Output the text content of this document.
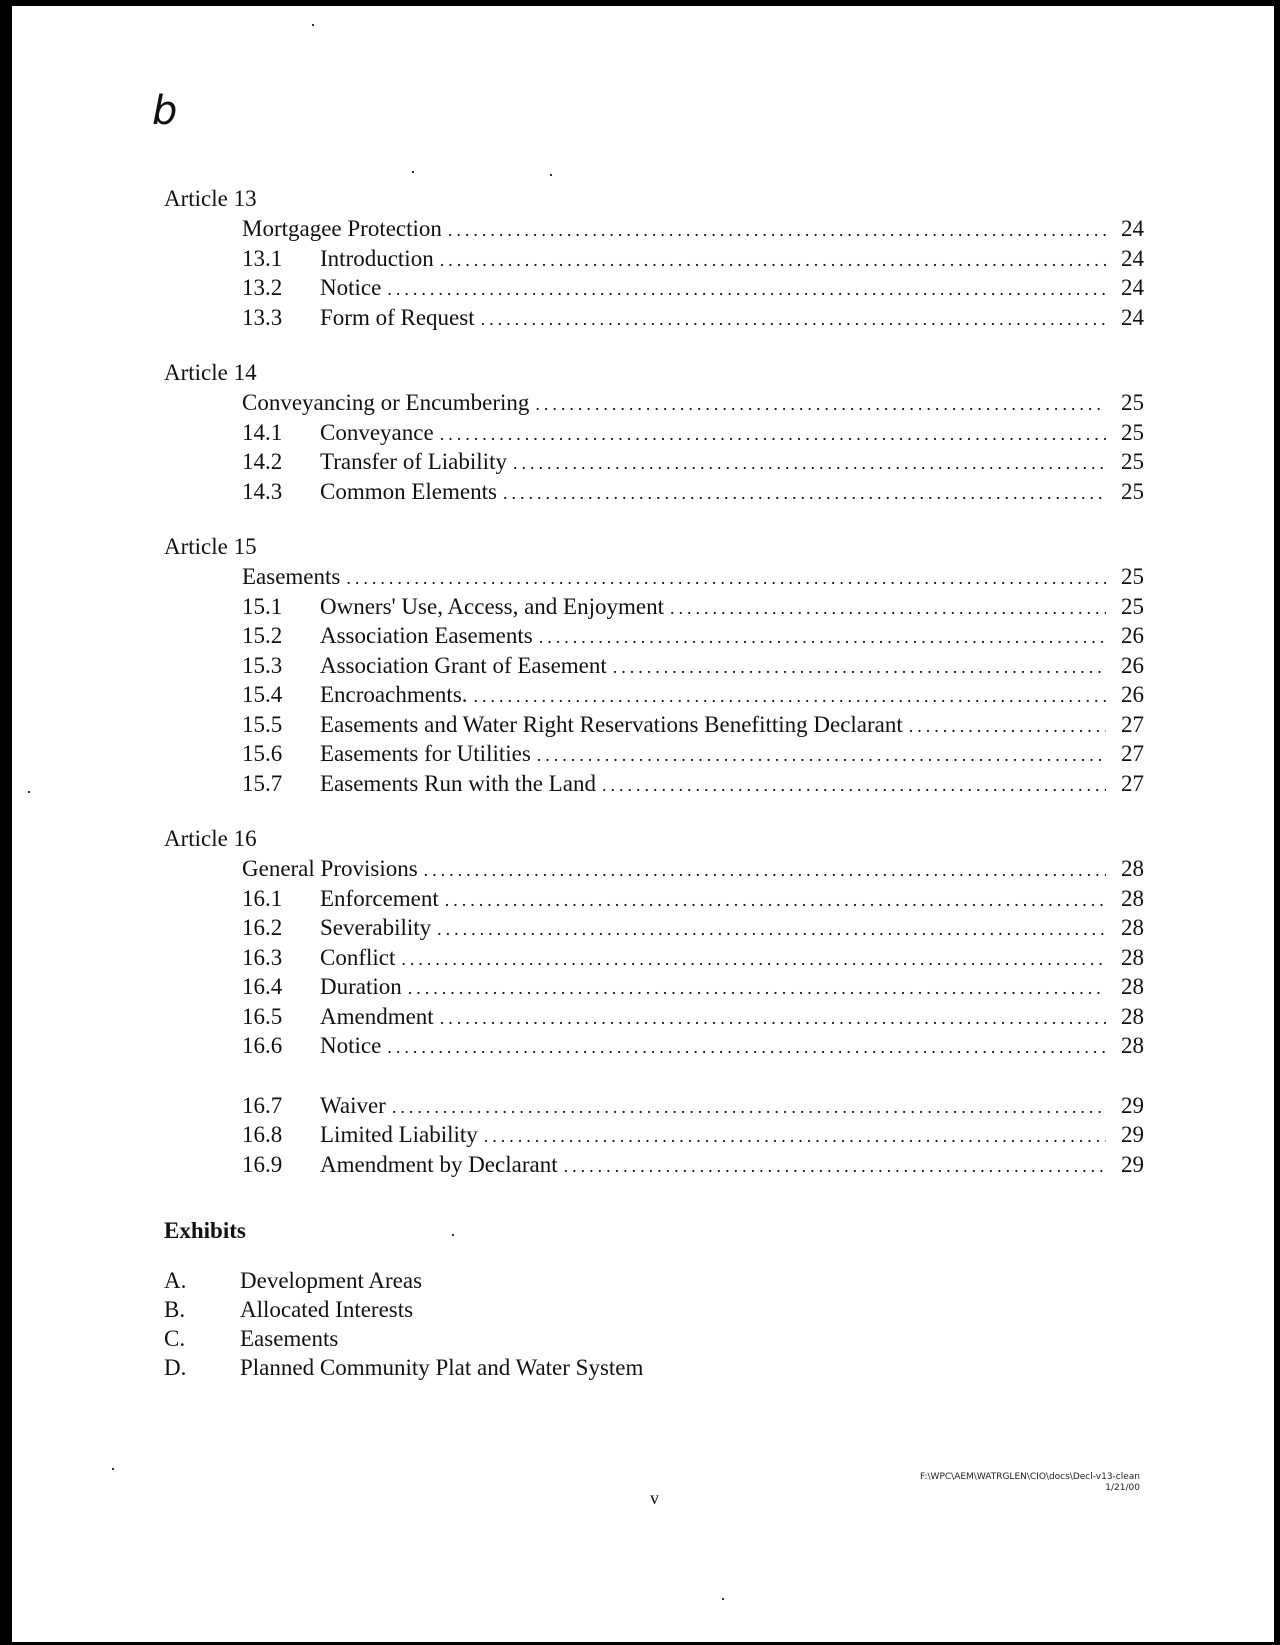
b
Article 13
Mortgagee Protection .....	24
13.1	Introduction .....	24
13.2	Notice .....	24
13.3	Form of Request .....	24
Article 14
Conveyancing or Encumbering .....	25
14.1	Conveyance .....	25
14.2	Transfer of Liability .....	25
14.3	Common Elements .....	25
Article 15
Easements .....	25
15.1	Owners' Use, Access, and Enjoyment .....	25
15.2	Association Easements .....	26
15.3	Association Grant of Easement .....	26
15.4	Encroachments. .....	26
15.5	Easements and Water Right Reservations Benefitting Declarant .....	27
15.6	Easements for Utilities .....	27
15.7	Easements Run with the Land .....	27
Article 16
General Provisions .....	28
16.1	Enforcement .....	28
16.2	Severability .....	28
16.3	Conflict .....	28
16.4	Duration .....	28
16.5	Amendment .....	28
16.6	Notice .....	28
16.7	Waiver .....	29
16.8	Limited Liability .....	29
16.9	Amendment by Declarant .....	29
Exhibits
A.	Development Areas
B.	Allocated Interests
C.	Easements
D.	Planned Community Plat and Water System
F:\WPC\AEM\WATRGLEN\CIO\docs\Decl-v13-clean
1/21/00
v
